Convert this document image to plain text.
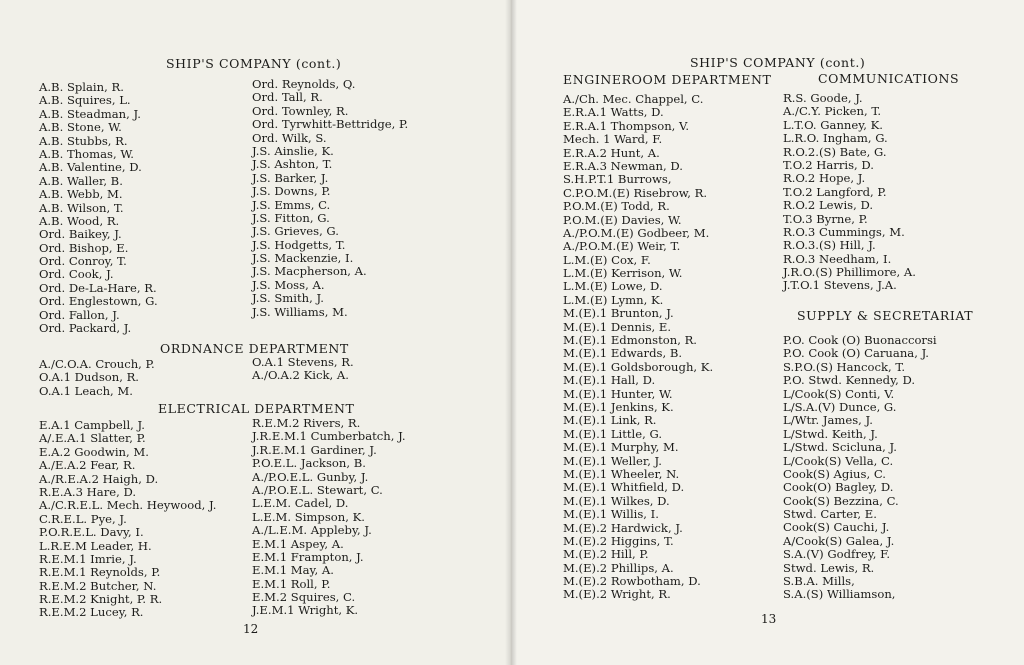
SHIP'S COMPANY (cont.)
A.B. Splain, R.
A.B. Squires, L.
A.B. Steadman, J.
A.B. Stone, W.
A.B. Stubbs, R.
A.B. Thomas, W.
A.B. Valentine, D.
A.B. Waller, B.
A.B. Webb, M.
A.B. Wilson, T.
A.B. Wood, R.
Ord. Baikey, J.
Ord. Bishop, E.
Ord. Conroy, T.
Ord. Cook, J.
Ord. De-La-Hare, R.
Ord. Englestown, G.
Ord. Fallon, J.
Ord. Packard, J.
Ord. Reynolds, Q.
Ord. Tall, R.
Ord. Townley, R.
Ord. Tyrwhitt-Bettridge, P.
Ord. Wilk, S.
J.S. Ainslie, K.
J.S. Ashton, T.
J.S. Barker, J.
J.S. Downs, P.
J.S. Emms, C.
J.S. Fitton, G.
J.S. Grieves, G.
J.S. Hodgetts, T.
J.S. Mackenzie, I.
J.S. Macpherson, A.
J.S. Moss, A.
J.S. Smith, J.
J.S. Williams, M.
ORDNANCE DEPARTMENT
A./C.O.A. Crouch, P.
O.A.1 Dudson, R.
O.A.1 Leach, M.
O.A.1 Stevens, R.
A./O.A.2 Kick, A.
ELECTRICAL DEPARTMENT
E.A.1 Campbell, J.
A/.E.A.1 Slatter, P.
E.A.2 Goodwin, M.
A./E.A.2 Fear, R.
A./R.E.A.2 Haigh, D.
R.E.A.3 Hare, D.
A./C.R.E.L. Mech. Heywood, J.
C.R.E.L. Pye, J.
P.O.R.E.L. Davy, I.
L.R.E.M Leader, H.
R.E.M.1 Imrie, J.
R.E.M.1 Reynolds, P.
R.E.M.2 Butcher, N.
R.E.M.2 Knight, P. R.
R.E.M.2 Lucey, R.
R.E.M.2 Rivers, R.
J.R.E.M.1 Cumberbatch, J.
J.R.E.M.1 Gardiner, J.
P.O.E.L. Jackson, B.
A./P.O.E.L. Gunby, J.
A./P.O.E.L. Stewart, C.
L.E.M. Cadel, D.
L.E.M. Simpson, K.
A./L.E.M. Appleby, J.
E.M.1 Aspey, A.
E.M.1 Frampton, J.
E.M.1 May, A.
E.M.1 Roll, P.
E.M.2 Squires, C.
J.E.M.1 Wright, K.
12
SHIP'S COMPANY (cont.)
ENGINEROOM DEPARTMENT
A./Ch. Mec. Chappel, C.
E.R.A.1 Watts, D.
E.R.A.1 Thompson, V.
Mech. 1 Ward, F.
E.R.A.2 Hunt, A.
E.R.A.3 Newman, D.
S.H.P.T.1 Burrows,
C.P.O.M.(E) Risebrow, R.
P.O.M.(E) Todd, R.
P.O.M.(E) Davies, W.
A./P.O.M.(E) Godbeer, M.
A./P.O.M.(E) Weir, T.
L.M.(E) Cox, F.
L.M.(E) Kerrison, W.
L.M.(E) Lowe, D.
L.M.(E) Lymn, K.
M.(E).1 Brunton, J.
M.(E).1 Dennis, E.
M.(E).1 Edmonston, R.
M.(E).1 Edwards, B.
M.(E).1 Goldsborough, K.
M.(E).1 Hall, D.
M.(E).1 Hunter, W.
M.(E).1 Jenkins, K.
M.(E).1 Link, R.
M.(E).1 Little, G.
M.(E).1 Murphy, M.
M.(E).1 Weller, J.
M.(E).1 Wheeler, N.
M.(E).1 Whitfield, D.
M.(E).1 Wilkes, D.
M.(E).1 Willis, I.
M.(E).2 Hardwick, J.
M.(E).2 Higgins, T.
M.(E).2 Hill, P.
M.(E).2 Phillips, A.
M.(E).2 Rowbotham, D.
M.(E).2 Wright, R.
COMMUNICATIONS
R.S. Goode, J.
A./C.Y. Picken, T.
L.T.O. Ganney, K.
L.R.O. Ingham, G.
R.O.2.(S) Bate, G.
T.O.2 Harris, D.
R.O.2 Hope, J.
T.O.2 Langford, P.
R.O.2 Lewis, D.
T.O.3 Byrne, P.
R.O.3 Cummings, M.
R.O.3.(S) Hill, J.
R.O.3 Needham, I.
J.R.O.(S) Phillimore, A.
J.T.O.1 Stevens, J.A.
SUPPLY & SECRETARIAT
P.O. Cook (O) Buonaccorsi
P.O. Cook (O) Caruana, J.
S.P.O.(S) Hancock, T.
P.O. Stwd. Kennedy, D.
L/Cook(S) Conti, V.
L/S.A.(V) Dunce, G.
L/Wtr. James, J.
L/Stwd. Keith, J.
L/Stwd. Scicluna, J.
L/Cook(S) Vella, C.
Cook(S) Agius, C.
Cook(O) Bagley, D.
Cook(S) Bezzina, C.
Stwd. Carter, E.
Cook(S) Cauchi, J.
A/Cook(S) Galea, J.
S.A.(V) Godfrey, F.
Stwd. Lewis, R.
S.B.A. Mills,
S.A.(S) Williamson,
13
